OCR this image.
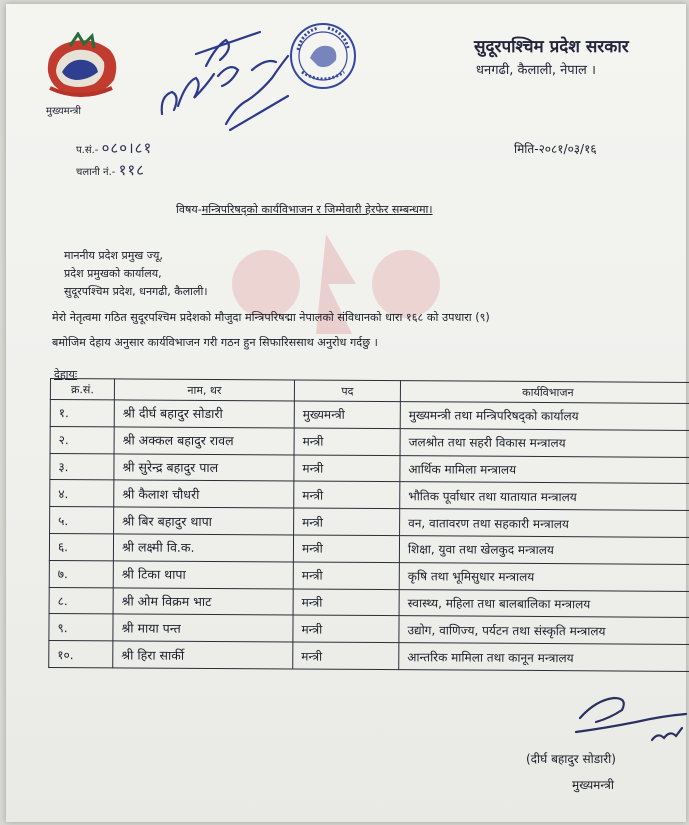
मुख्यमन्त्री
सुदूरपश्चिम प्रदेश सरकार
धनगढी, कैलाली, नेपाल ।
प.सं.- ०८०।८१
चलानी नं.- ११८
मिति-२०८१/०३/१६
विषय-मन्त्रिपरिषद्को कार्यविभाजन र जिम्मेवारी हेरफेर सम्बन्धमा।
माननीय प्रदेश प्रमुख ज्यू,
प्रदेश प्रमुखको कार्यालय,
सुदूरपश्चिम प्रदेश, धनगढी, कैलाली।
मेरो नेतृत्वमा गठित सुदूरपश्चिम प्रदेशको मौजुदा मन्त्रिपरिषद्मा नेपालको संविधानको धारा १६८ को उपधारा (९)
बमोजिम देहाय अनुसार कार्यविभाजन गरी गठन हुन सिफारिससाथ अनुरोध गर्दछु ।
देहायः
क्र.सं.	नाम, थर	पद	कार्यविभाजन
१.	श्री दीर्घ बहादुर सोडारी	मुख्यमन्त्री	मुख्यमन्त्री तथा मन्त्रिपरिषद्को कार्यालय
२.	श्री अक्कल बहादुर रावल	मन्त्री	जलश्रोत तथा सहरी विकास मन्त्रालय
३.	श्री सुरेन्द्र बहादुर पाल	मन्त्री	आर्थिक मामिला मन्त्रालय
४.	श्री कैलाश चौधरी	मन्त्री	भौतिक पूर्वाधार तथा यातायात मन्त्रालय
५.	श्री बिर बहादुर थापा	मन्त्री	वन, वातावरण तथा सहकारी मन्त्रालय
६.	श्री लक्ष्मी वि.क.	मन्त्री	शिक्षा, युवा तथा खेलकुद मन्त्रालय
७.	श्री टिका थापा	मन्त्री	कृषि तथा भूमिसुधार मन्त्रालय
८.	श्री ओम विक्रम भाट	मन्त्री	स्वास्थ्य, महिला तथा बालबालिका मन्त्रालय
९.	श्री माया पन्त	मन्त्री	उद्योग, वाणिज्य, पर्यटन तथा संस्कृति मन्त्रालय
१०.	श्री हिरा सार्की	मन्त्री	आन्तरिक मामिला तथा कानून मन्त्रालय
(दीर्घ बहादुर सोडारी)
मुख्यमन्त्री
